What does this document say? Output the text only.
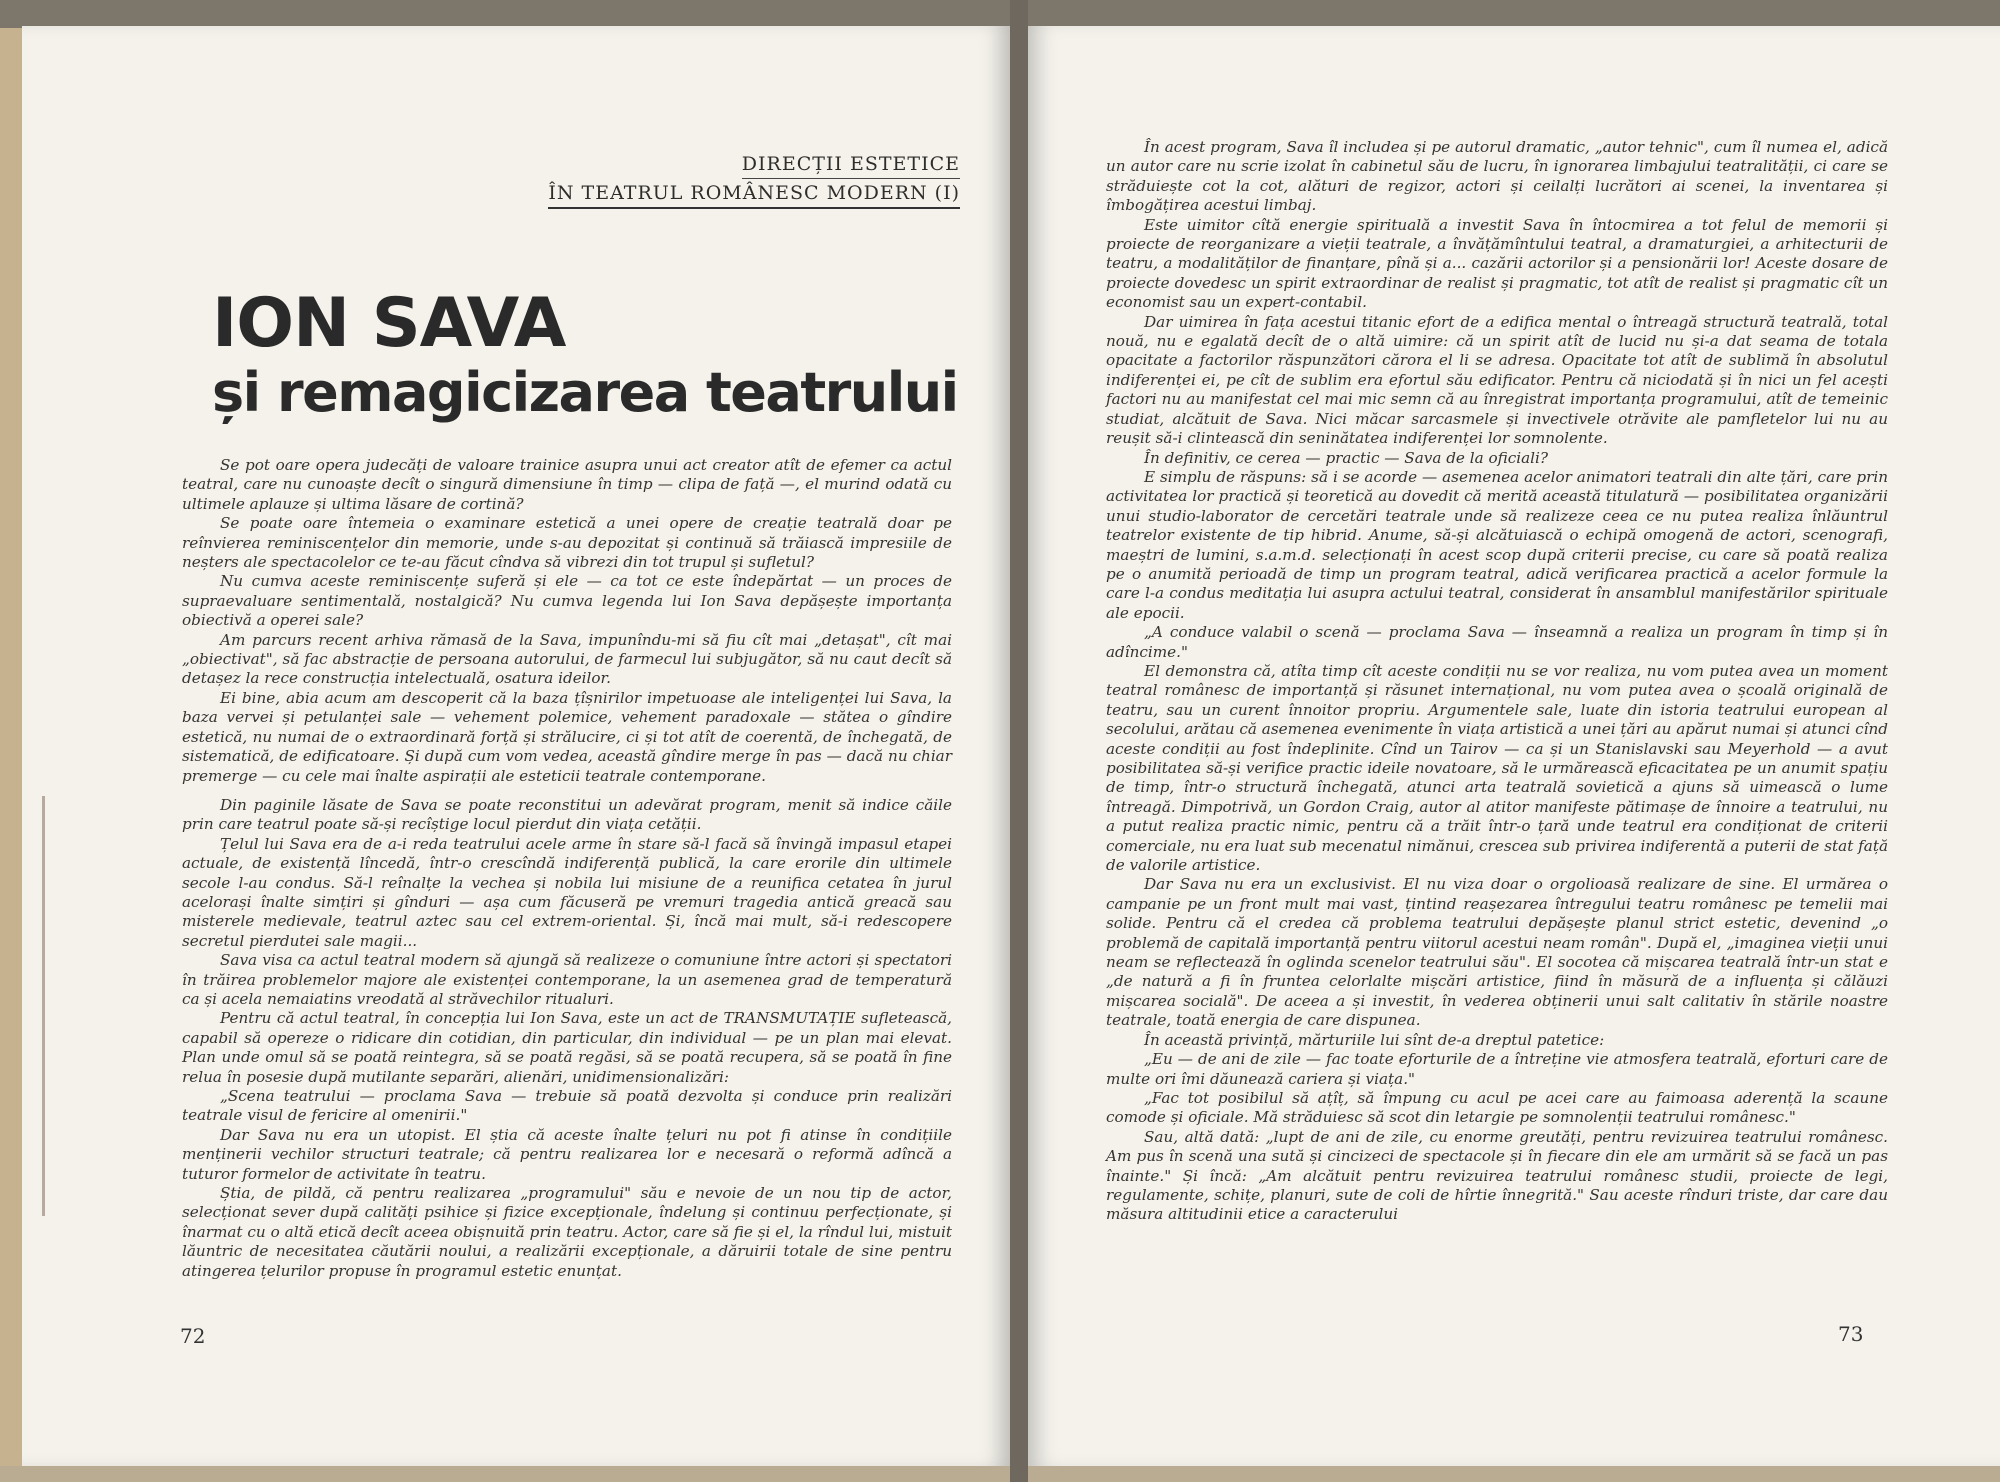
DIRECȚII ESTETICE
ÎN TEATRUL ROMÂNESC MODERN (I)
ION SAVA
și remagicizarea teatrului

Se pot oare opera judecăți de valoare trainice asupra unui act creator atît de efemer ca actul teatral, care nu cunoaște decît o singură dimensiune în timp — clipa de față —, el murind odată cu ultimele aplauze și ultima lăsare de cortină?

Se poate oare întemeia o examinare estetică a unei opere de creație teatrală doar pe reînvierea reminiscențelor din memorie, unde s-au depozitat și continuă să trăiască impresiile de neșters ale spectacolelor ce te-au făcut cîndva să vibrezi din tot trupul și sufletul?

Nu cumva aceste reminiscențe suferă și ele — ca tot ce este îndepărtat — un proces de supraevaluare sentimentală, nostalgică? Nu cumva legenda lui Ion Sava depășește importanța obiectivă a operei sale?

Am parcurs recent arhiva rămasă de la Sava, impunîndu-mi să fiu cît mai „detașat", cît mai „obiectivat", să fac abstracție de persoana autorului, de farmecul lui subjugător, să nu caut decît să detașez la rece construcția intelectuală, osatura ideilor.

Ei bine, abia acum am descoperit că la baza țîșnirilor impetuoase ale inteligenței lui Sava, la baza vervei și petulanței sale — vehement polemice, vehement paradoxale — stătea o gîndire estetică, nu numai de o extraordinară forță și strălucire, ci și tot atît de coerentă, de închegată, de sistematică, de edificatoare. Și după cum vom vedea, această gîndire merge în pas — dacă nu chiar premerge — cu cele mai înalte aspirații ale esteticii teatrale contemporane.

Din paginile lăsate de Sava se poate reconstitui un adevărat program, menit să indice căile prin care teatrul poate să-și recîștige locul pierdut din viața cetății.

Țelul lui Sava era de a-i reda teatrului acele arme în stare să-l facă să învingă impasul etapei actuale, de existență lîncedă, într-o crescîndă indiferență publică, la care erorile din ultimele secole l-au condus. Să-l reînalțe la vechea și nobila lui misiune de a reunifica cetatea în jurul acelorași înalte simțiri și gînduri — așa cum făcuseră pe vremuri tragedia antică greacă sau misterele medievale, teatrul aztec sau cel extrem-oriental. Și, încă mai mult, să-i redescopere secretul pierdutei sale magii...

Sava visa ca actul teatral modern să ajungă să realizeze o comuniune între actori și spectatori în trăirea problemelor majore ale existenței contemporane, la un asemenea grad de temperatură ca și acela nemaiatins vreodată al străvechilor ritualuri.

Pentru că actul teatral, în concepția lui Ion Sava, este un act de TRANSMUTAȚIE sufletească, capabil să opereze o ridicare din cotidian, din particular, din individual — pe un plan mai elevat. Plan unde omul să se poată reintegra, să se poată regăsi, să se poată recupera, să se poată în fine relua în posesie după mutilante separări, alienări, unidimensionalizări:

„Scena teatrului — proclama Sava — trebuie să poată dezvolta și conduce prin realizări teatrale visul de fericire al omenirii."

Dar Sava nu era un utopist. El știa că aceste înalte țeluri nu pot fi atinse în condițiile menținerii vechilor structuri teatrale; că pentru realizarea lor e necesară o reformă adîncă a tuturor formelor de activitate în teatru.

Știa, de pildă, că pentru realizarea „programului" său e nevoie de un nou tip de actor, selecționat sever după calități psihice și fizice excepționale, îndelung și continuu perfecționate, și înarmat cu o altă etică decît aceea obișnuită prin teatru. Actor, care să fie și el, la rîndul lui, mistuit lăuntric de necesitatea căutării noului, a realizării excepționale, a dăruirii totale de sine pentru atingerea țelurilor propuse în programul estetic enunțat.

72

În acest program, Sava îl includea și pe autorul dramatic, „autor tehnic", cum îl numea el, adică un autor care nu scrie izolat în cabinetul său de lucru, în ignorarea limbajului teatralității, ci care se străduiește cot la cot, alături de regizor, actori și ceilalți lucrători ai scenei, la inventarea și îmbogățirea acestui limbaj.

Este uimitor cîtă energie spirituală a investit Sava în întocmirea a tot felul de memorii și proiecte de reorganizare a vieții teatrale, a învățămîntului teatral, a dramaturgiei, a arhitecturii de teatru, a modalităților de finanțare, pînă și a... cazării actorilor și a pensionării lor! Aceste dosare de proiecte dovedesc un spirit extraordinar de realist și pragmatic, tot atît de realist și pragmatic cît un economist sau un expert-contabil.

Dar uimirea în fața acestui titanic efort de a edifica mental o întreagă structură teatrală, total nouă, nu e egalată decît de o altă uimire: că un spirit atît de lucid nu și-a dat seama de totala opacitate a factorilor răspunzători cărora el li se adresa. Opacitate tot atît de sublimă în absolutul indiferenței ei, pe cît de sublim era efortul său edificator. Pentru că niciodată și în nici un fel acești factori nu au manifestat cel mai mic semn că au înregistrat importanța programului, atît de temeinic studiat, alcătuit de Sava. Nici măcar sarcasmele și invectivele otrăvite ale pamfletelor lui nu au reușit să-i clintească din seninătatea indiferenței lor somnolente.

În definitiv, ce cerea — practic — Sava de la oficiali?

E simplu de răspuns: să i se acorde — asemenea acelor animatori teatrali din alte țări, care prin activitatea lor practică și teoretică au dovedit că merită această titulatură — posibilitatea organizării unui studio-laborator de cercetări teatrale unde să realizeze ceea ce nu putea realiza înlăuntrul teatrelor existente de tip hibrid. Anume, să-și alcătuiască o echipă omogenă de actori, scenografi, maeștri de lumini, s.a.m.d. selecționați în acest scop după criterii precise, cu care să poată realiza pe o anumită perioadă de timp un program teatral, adică verificarea practică a acelor formule la care l-a condus meditația lui asupra actului teatral, considerat în ansamblul manifestărilor spirituale ale epocii.

„A conduce valabil o scenă — proclama Sava — înseamnă a realiza un program în timp și în adîncime."

El demonstra că, atîta timp cît aceste condiții nu se vor realiza, nu vom putea avea un moment teatral românesc de importanță și răsunet internațional, nu vom putea avea o școală originală de teatru, sau un curent înnoitor propriu. Argumentele sale, luate din istoria teatrului european al secolului, arătau că asemenea evenimente în viața artistică a unei țări au apărut numai și atunci cînd aceste condiții au fost îndeplinite. Cînd un Tairov — ca și un Stanislavski sau Meyerhold — a avut posibilitatea să-și verifice practic ideile novatoare, să le urmărească eficacitatea pe un anumit spațiu de timp, într-o structură închegată, atunci arta teatrală sovietică a ajuns să uimească o lume întreagă. Dimpotrivă, un Gordon Craig, autor al atitor manifeste pătimașe de înnoire a teatrului, nu a putut realiza practic nimic, pentru că a trăit într-o țară unde teatrul era condiționat de criterii comerciale, nu era luat sub mecenatul nimănui, crescea sub privirea indiferentă a puterii de stat față de valorile artistice.

Dar Sava nu era un exclusivist. El nu viza doar o orgolioasă realizare de sine. El urmărea o campanie pe un front mult mai vast, țintind reașezarea întregului teatru românesc pe temelii mai solide. Pentru că el credea că problema teatrului depășește planul strict estetic, devenind „o problemă de capitală importanță pentru viitorul acestui neam român". După el, „imaginea vieții unui neam se reflectează în oglinda scenelor teatrului său". El socotea că mișcarea teatrală într-un stat e „de natură a fi în fruntea celorlalte mișcări artistice, fiind în măsură de a influența și călăuzi mișcarea socială". De aceea a și investit, în vederea obținerii unui salt calitativ în stările noastre teatrale, toată energia de care dispunea.

În această privință, mărturiile lui sînt de-a dreptul patetice:

„Eu — de ani de zile — fac toate eforturile de a întreține vie atmosfera teatrală, eforturi care de multe ori îmi dăunează cariera și viața."

„Fac tot posibilul să ațîț, să împung cu acul pe acei care au faimoasa aderență la scaune comode și oficiale. Mă străduiesc să scot din letargie pe somnolenții teatrului românesc."

Sau, altă dată: „lupt de ani de zile, cu enorme greutăți, pentru revizuirea teatrului românesc. Am pus în scenă una sută și cincizeci de spectacole și în fiecare din ele am urmărit să se facă un pas înainte." Și încă: „Am alcătuit pentru revizuirea teatrului românesc studii, proiecte de legi, regulamente, schițe, planuri, sute de coli de hîrtie înnegrită." Sau aceste rînduri triste, dar care dau măsura altitudinii etice a caracterului

73
